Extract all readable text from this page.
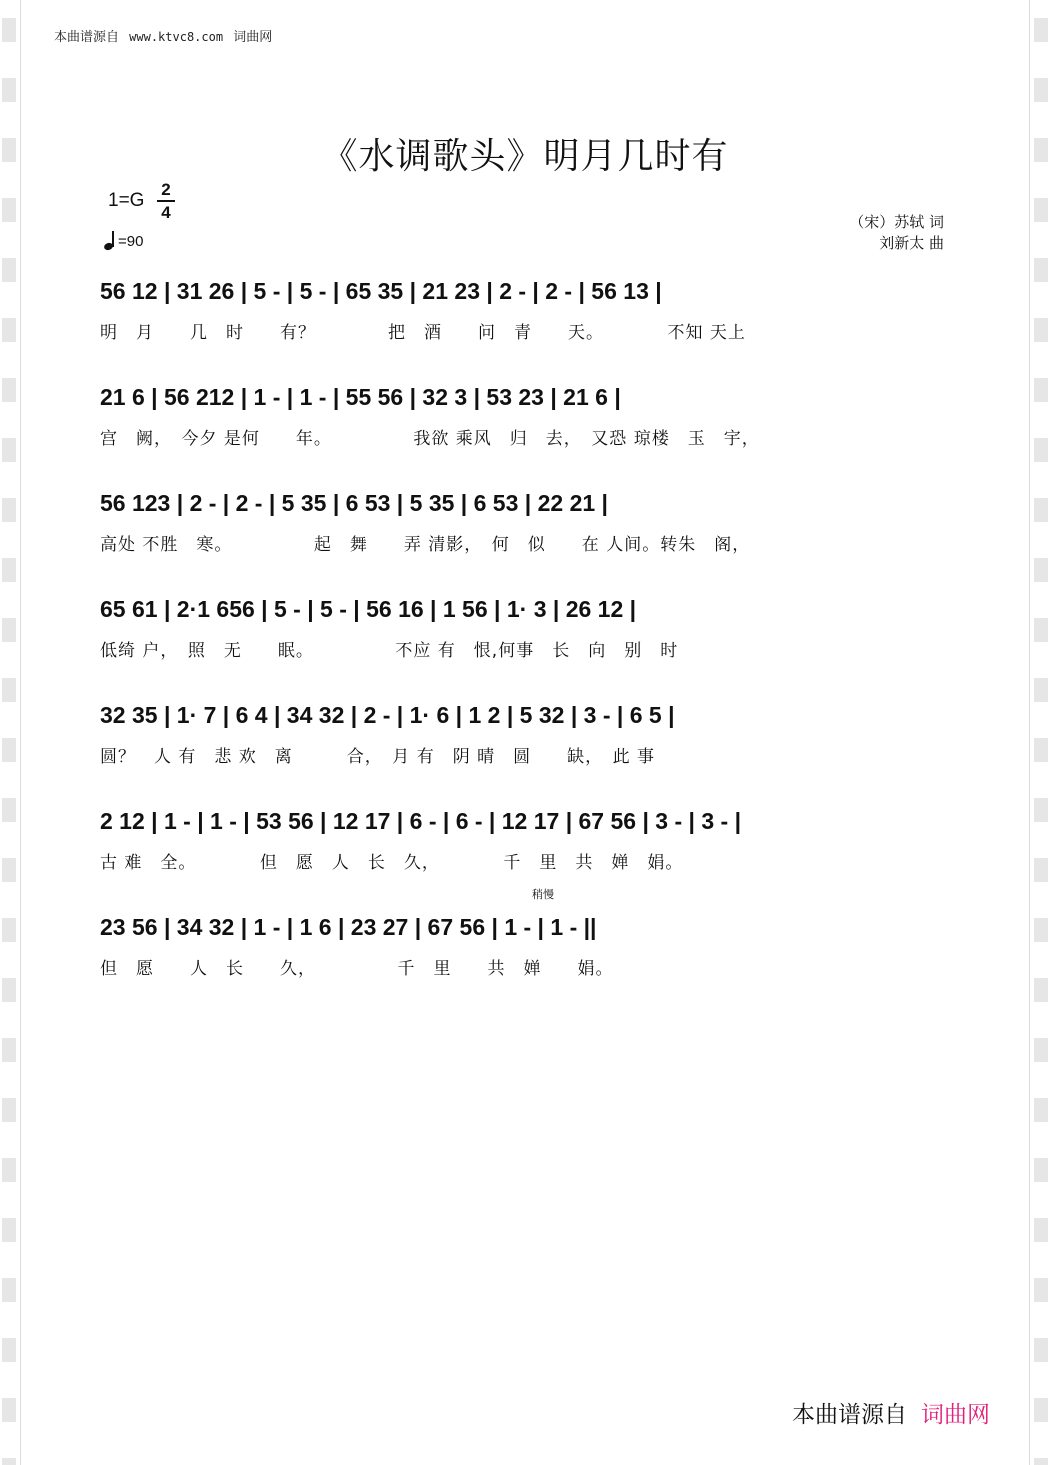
本曲谱源自 www.ktvc8.com 词曲网
《水调歌头》明月几时有
1=G
2
4
=90
（宋）苏轼 词
刘新太 曲
56 12 | 31 26 | 5 - | 5 - | 65 35 | 21 23 | 2 - | 2 - | 56 13 |
明　月　　几　时　　有？　　　　把　酒　　问　青　　天。　　　　不知 天上
21 6 | 56 212 | 1 - | 1 - | 55 56 | 32 3 | 53 23 | 21 6 |
宫　阙，　今夕 是何　　年。　　　　　我欲 乘风　归　去，　又恐 琼楼　玉　宇，
56 123 | 2 - | 2 - | 5 35 | 6 53 | 5 35 | 6 53 | 22 21 |
高处 不胜　寒。　　　　　起　舞　　弄 清影，　何　似　　在 人间。转朱　阁，
65 61 | 2·1 656 | 5 - | 5 - | 56 16 | 1 56 | 1· 3 | 26 12 |
低绮 户，　照　无　　眠。　　　　　不应 有　恨,何事　长　向　别　时
32 35 | 1· 7 | 6 4 | 34 32 | 2 - | 1· 6 | 1 2 | 5 32 | 3 - | 6 5 |
圆？　人 有　悲 欢　离　　　合，　月 有　阴 晴　圆　　缺，　此 事
2 12 | 1 - | 1 - | 53 56 | 12 17 | 6 - | 6 - | 12 17 | 67 56 | 3 - | 3 - |
古 难　全。　　　　但　愿　人　长　久，　　　　千　里　共　婵　娟。
稍慢
23 56 | 34 32 | 1 - | 1 6 | 23 27 | 67 56 | 1 - | 1 - ||
但　愿　　人　长　　久，　　　　　千　里　　共　婵　　娟。
本曲谱源自 词曲网
